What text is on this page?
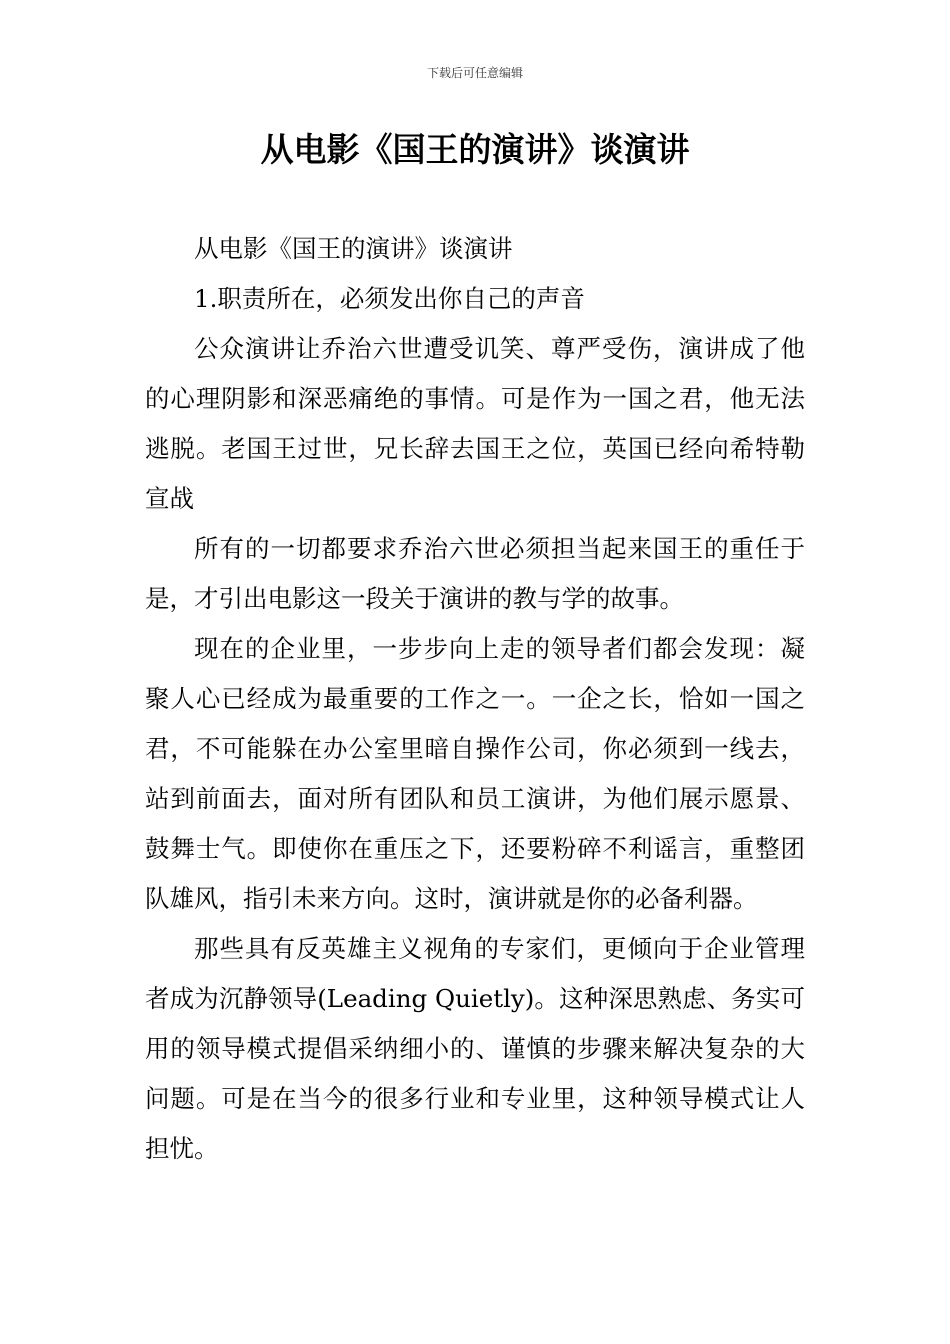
下载后可任意编辑
从电影《国王的演讲》谈演讲

从电影《国王的演讲》谈演讲

1.职责所在，必须发出你自己的声音

公众演讲让乔治六世遭受讥笑、尊严受伤，演讲成了他的心理阴影和深恶痛绝的事情。可是作为一国之君，他无法逃脱。老国王过世，兄长辞去国王之位，英国已经向希特勒宣战

所有的一切都要求乔治六世必须担当起来国王的重任于是，才引出电影这一段关于演讲的教与学的故事。

现在的企业里，一步步向上走的领导者们都会发现：凝聚人心已经成为最重要的工作之一。一企之长，恰如一国之君，不可能躲在办公室里暗自操作公司，你必须到一线去，站到前面去，面对所有团队和员工演讲，为他们展示愿景、鼓舞士气。即使你在重压之下，还要粉碎不利谣言，重整团队雄风，指引未来方向。这时，演讲就是你的必备利器。

那些具有反英雄主义视角的专家们，更倾向于企业管理者成为沉静领导(Leading Quietly)。这种深思熟虑、务实可用的领导模式提倡采纳细小的、谨慎的步骤来解决复杂的大问题。可是在当今的很多行业和专业里，这种领导模式让人担忧。
